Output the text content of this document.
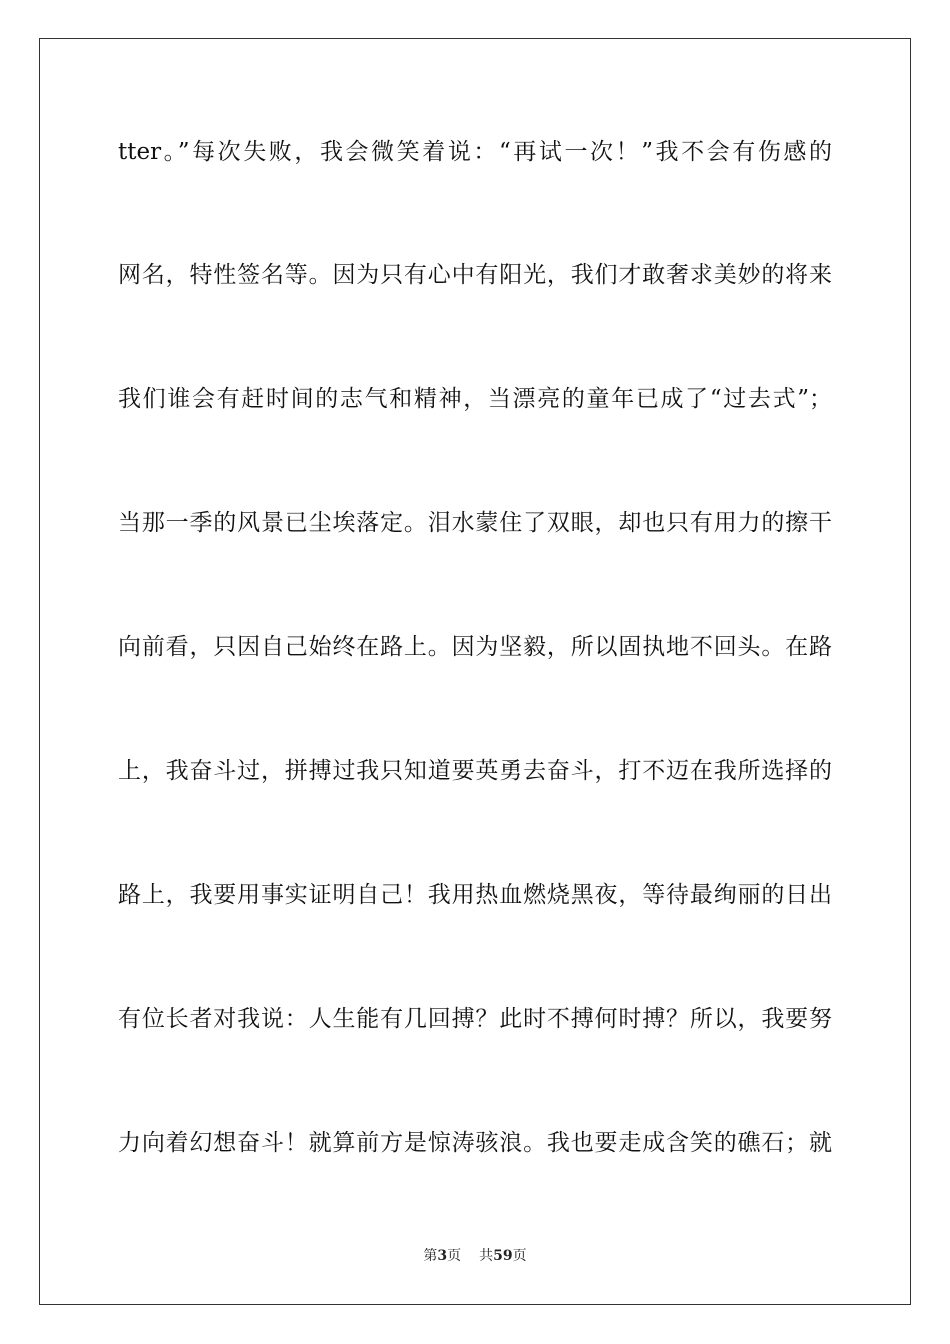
tter。”每次失败，我会微笑着说：“再试一次！”我不会有伤感的
网名，特性签名等。因为只有心中有阳光，我们才敢奢求美妙的将来
我们谁会有赶时间的志气和精神，当漂亮的童年已成了“过去式”；
当那一季的风景已尘埃落定。泪水蒙住了双眼，却也只有用力的擦干
向前看，只因自己始终在路上。因为坚毅，所以固执地不回头。在路
上，我奋斗过，拼搏过我只知道要英勇去奋斗，打不迈在我所选择的
路上，我要用事实证明自己！我用热血燃烧黑夜，等待最绚丽的日出
有位长者对我说：人生能有几回搏？此时不搏何时搏？所以，我要努
力向着幻想奋斗！就算前方是惊涛骇浪。我也要走成含笑的礁石；就
第3页 共59页
